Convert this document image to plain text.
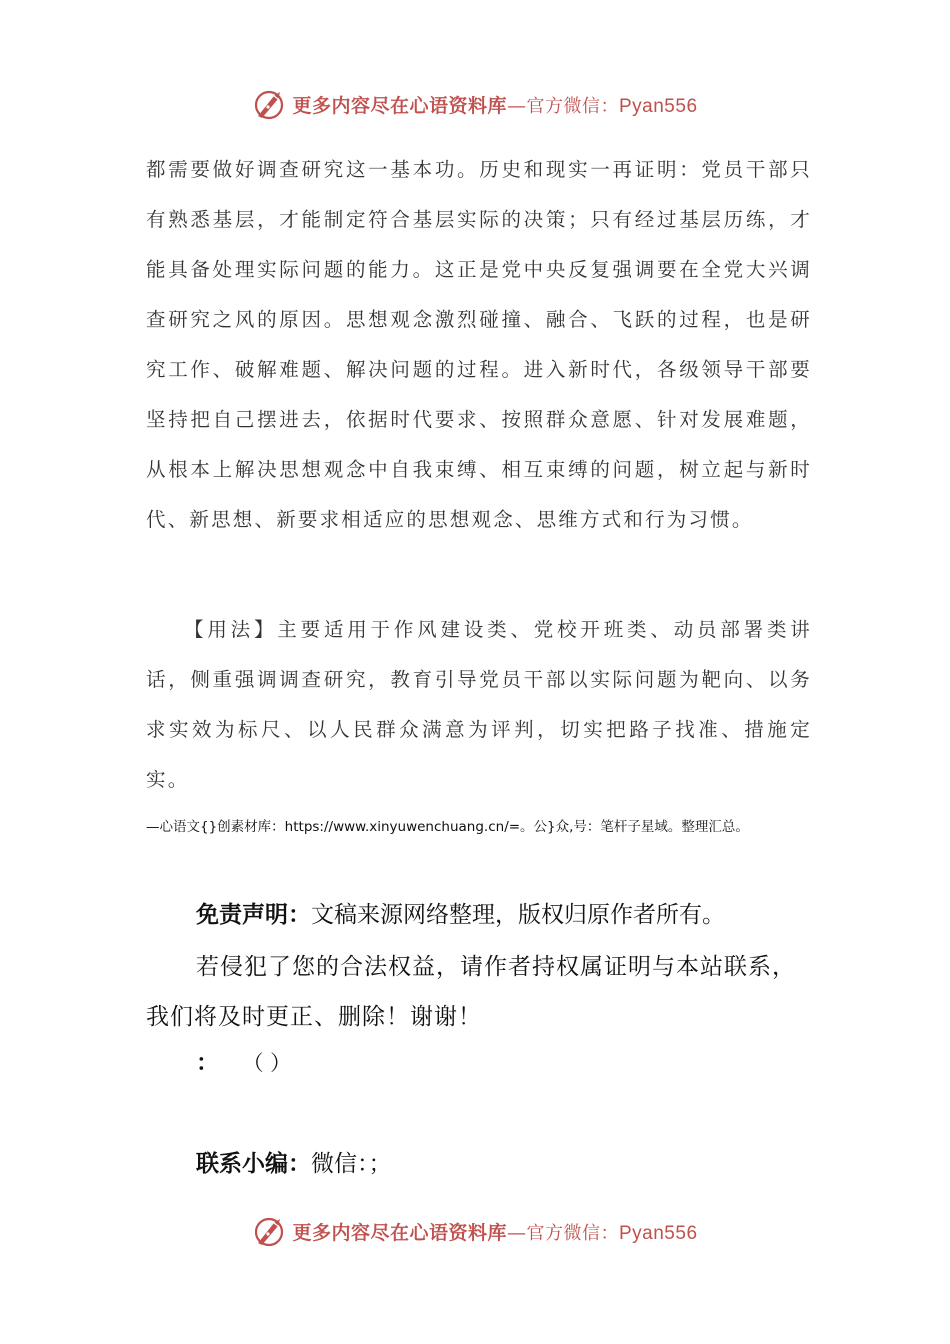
更多内容尽在心语资料库—官方微信：Pyan556

都需要做好调查研究这一基本功。历史和现实一再证明：党员干部只有熟悉基层，才能制定符合基层实际的决策；只有经过基层历练，才能具备处理实际问题的能力。这正是党中央反复强调要在全党大兴调查研究之风的原因。思想观念激烈碰撞、融合、飞跃的过程，也是研究工作、破解难题、解决问题的过程。进入新时代，各级领导干部要坚持把自己摆进去，依据时代要求、按照群众意愿、针对发展难题，从根本上解决思想观念中自我束缚、相互束缚的问题，树立起与新时代、新思想、新要求相适应的思想观念、思维方式和行为习惯。

【用法】主要适用于作风建设类、党校开班类、动员部署类讲话，侧重强调调查研究，教育引导党员干部以实际问题为靶向、以务求实效为标尺、以人民群众满意为评判，切实把路子找准、措施定实。

—心语文{}创素材库：https://www.xinyuwenchuang.cn/=。公}众,号：笔杆子星域。整理汇总。

免责声明：文稿来源网络整理，版权归原作者所有。

若侵犯了您的合法权益，请作者持权属证明与本站联系，我们将及时更正、删除！谢谢！

： （ ）

联系小编：微信：；

更多内容尽在心语资料库—官方微信：Pyan556
